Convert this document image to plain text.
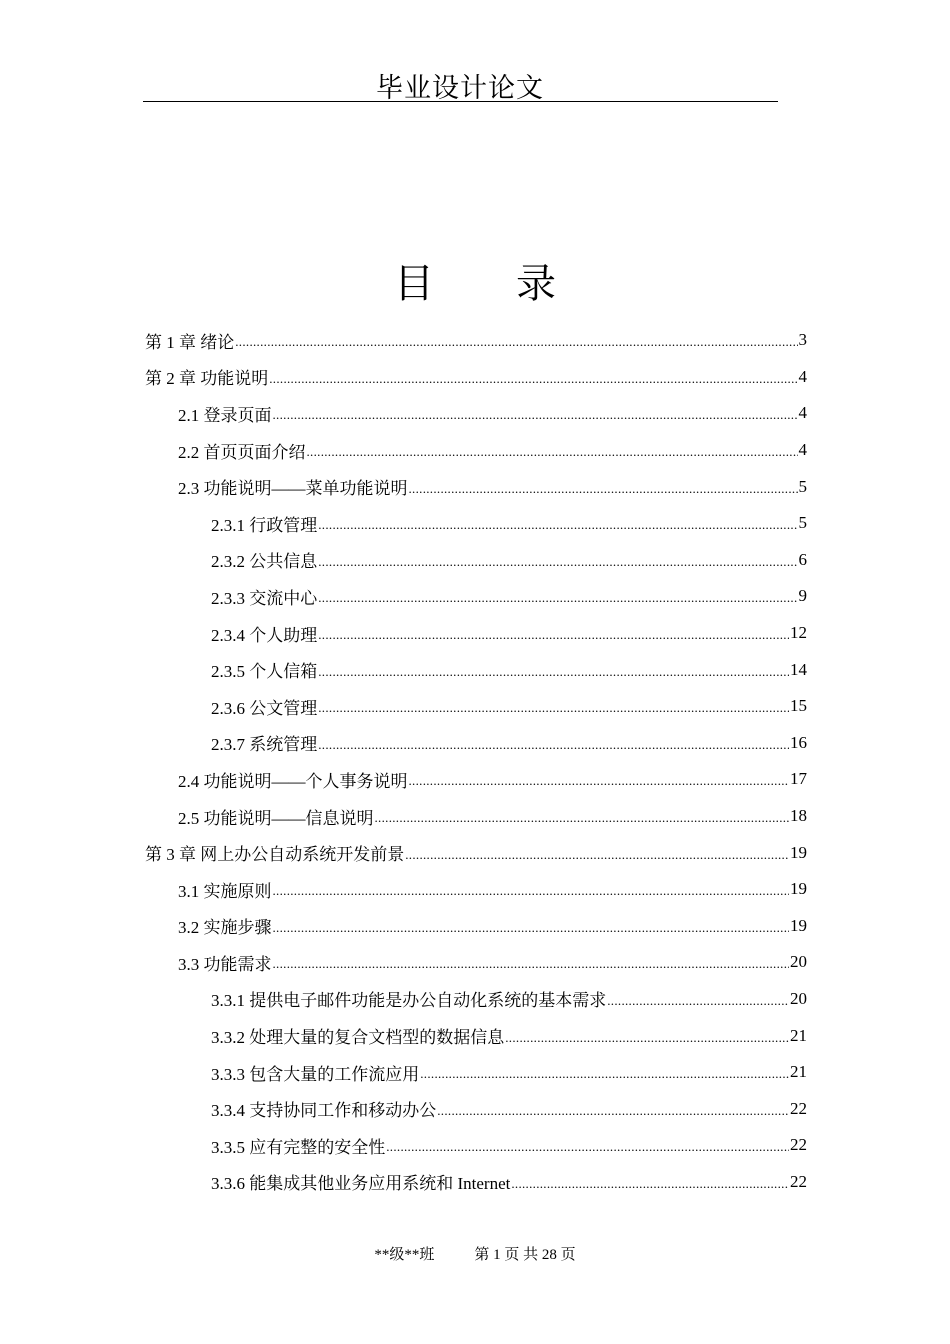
毕业设计论文
目 录
第 1 章 绪论 .....	3
第 2 章 功能说明 .....	4
2.1 登录页面 .....	4
2.2 首页页面介绍 .....	4
2.3 功能说明——菜单功能说明 .....	5
2.3.1 行政管理 .....	5
2.3.2 公共信息 .....	6
2.3.3 交流中心 .....	9
2.3.4 个人助理 .....	12
2.3.5 个人信箱 .....	14
2.3.6 公文管理 .....	15
2.3.7 系统管理 .....	16
2.4 功能说明——个人事务说明 .....	17
2.5 功能说明——信息说明 .....	18
第 3 章 网上办公自动系统开发前景 .....	19
3.1 实施原则 .....	19
3.2 实施步骤 .....	19
3.3 功能需求 .....	20
3.3.1 提供电子邮件功能是办公自动化系统的基本需求 .....	20
3.3.2 处理大量的复合文档型的数据信息 .....	21
3.3.3 包含大量的工作流应用 .....	21
3.3.4 支持协同工作和移动办公 .....	22
3.3.5 应有完整的安全性 .....	22
3.3.6 能集成其他业务应用系统和 Internet .....	22
**级**班	第 1 页 共 28 页
